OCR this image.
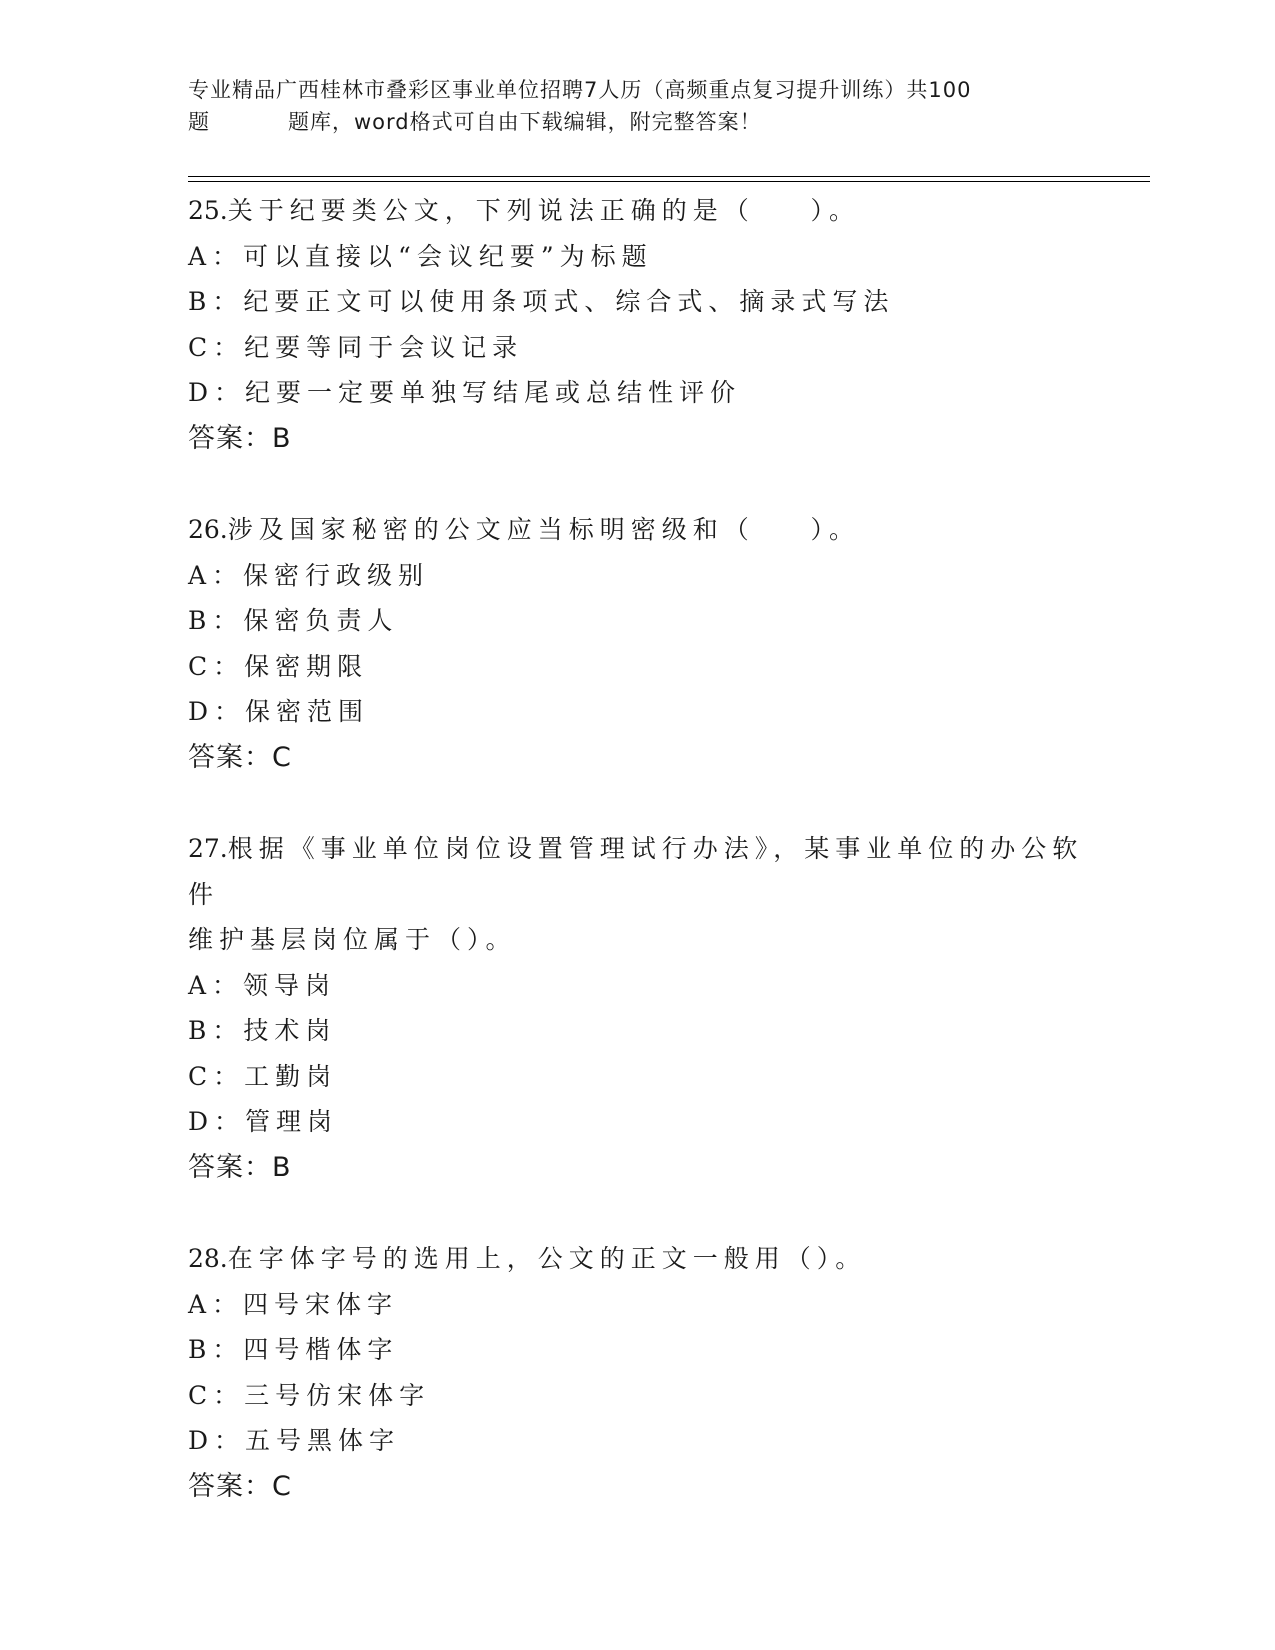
专业精品广西桂林市叠彩区事业单位招聘7人历（高频重点复习提升训练）共100
题	题库，word格式可自由下载编辑，附完整答案！
25.关于纪要类公文，下列说法正确的是（    ）。
A：可以直接以“会议纪要”为标题
B：纪要正文可以使用条项式、综合式、摘录式写法
C：纪要等同于会议记录
D：纪要一定要单独写结尾或总结性评价
答案：B
26.涉及国家秘密的公文应当标明密级和（    ）。
A：保密行政级别
B：保密负责人
C：保密期限
D：保密范围
答案：C
27.根据《事业单位岗位设置管理试行办法》，某事业单位的办公软件
维护基层岗位属于（）。
A：领导岗
B：技术岗
C：工勤岗
D：管理岗
答案：B
28.在字体字号的选用上，公文的正文一般用（）。
A：四号宋体字
B：四号楷体字
C：三号仿宋体字
D：五号黑体字
答案：C
